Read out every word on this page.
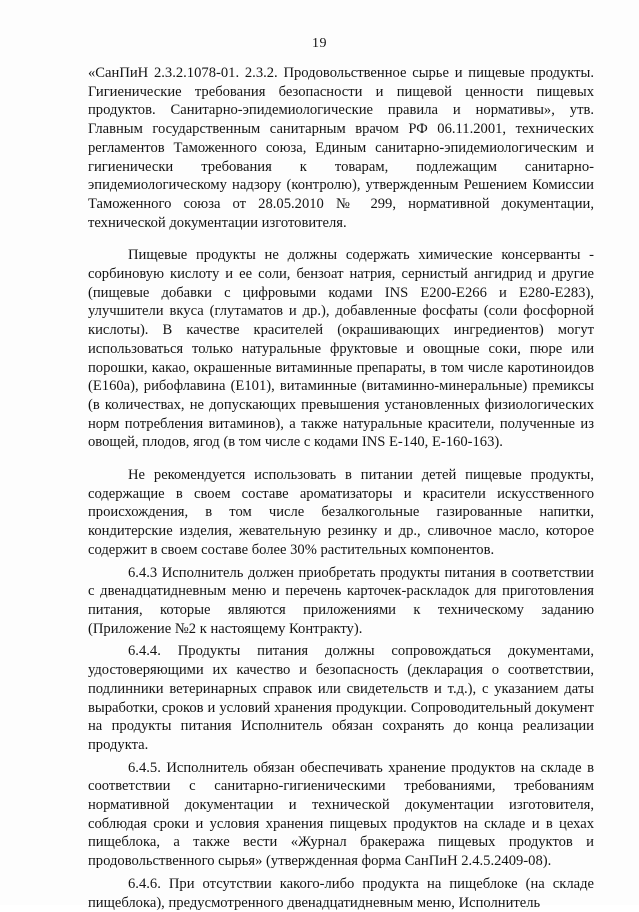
19

«СанПиН 2.3.2.1078-01. 2.3.2. Продовольственное сырье и пищевые продукты. Гигиенические требования безопасности и пищевой ценности пищевых продуктов. Санитарно-эпидемиологические правила и нормативы», утв. Главным государственным санитарным врачом РФ 06.11.2001, технических регламентов Таможенного союза, Единым санитарно-эпидемиологическим и гигиенически требования к товарам, подлежащим санитарно-эпидемиологическому надзору (контролю), утвержденным Решением Комиссии Таможенного союза от 28.05.2010 № 299, нормативной документации, технической документации изготовителя.

Пищевые продукты не должны содержать химические консерванты - сорбиновую кислоту и ее соли, бензоат натрия, сернистый ангидрид и другие (пищевые добавки с цифровыми кодами INS Е200-Е266 и Е280-Е283), улучшители вкуса (глутаматов и др.), добавленные фосфаты (соли фосфорной кислоты). В качестве красителей (окрашивающих ингредиентов) могут использоваться только натуральные фруктовые и овощные соки, пюре или порошки, какао, окрашенные витаминные препараты, в том числе каротиноидов (Е160а), рибофлавина (Е101), витаминные (витаминно-минеральные) премиксы (в количествах, не допускающих превышения установленных физиологических норм потребления витаминов), а также натуральные красители, полученные из овощей, плодов, ягод (в том числе с кодами INS Е-140, Е-160-163).

Не рекомендуется использовать в питании детей пищевые продукты, содержащие в своем составе ароматизаторы и красители искусственного происхождения, в том числе безалкогольные газированные напитки, кондитерские изделия, жевательную резинку и др., сливочное масло, которое содержит в своем составе более 30% растительных компонентов.

6.4.3 Исполнитель должен приобретать продукты питания в соответствии с двенадцатидневным меню и перечень карточек-раскладок для приготовления питания, которые являются приложениями к техническому заданию (Приложение №2 к настоящему Контракту).

6.4.4. Продукты питания должны сопровождаться документами, удостоверяющими их качество и безопасность (декларация о соответствии, подлинники ветеринарных справок или свидетельств и т.д.), с указанием даты выработки, сроков и условий хранения продукции. Сопроводительный документ на продукты питания Исполнитель обязан сохранять до конца реализации продукта.

6.4.5. Исполнитель обязан обеспечивать хранение продуктов на складе в соответствии с санитарно-гигиеническими требованиями, требованиям нормативной документации и технической документации изготовителя, соблюдая сроки и условия хранения пищевых продуктов на складе и в цехах пищеблока, а также вести «Журнал бракеража пищевых продуктов и продовольственного сырья» (утвержденная форма СанПиН 2.4.5.2409-08).

6.4.6. При отсутствии какого-либо продукта на пищеблоке (на складе пищеблока), предусмотренного двенадцатидневным меню, Исполнитель
